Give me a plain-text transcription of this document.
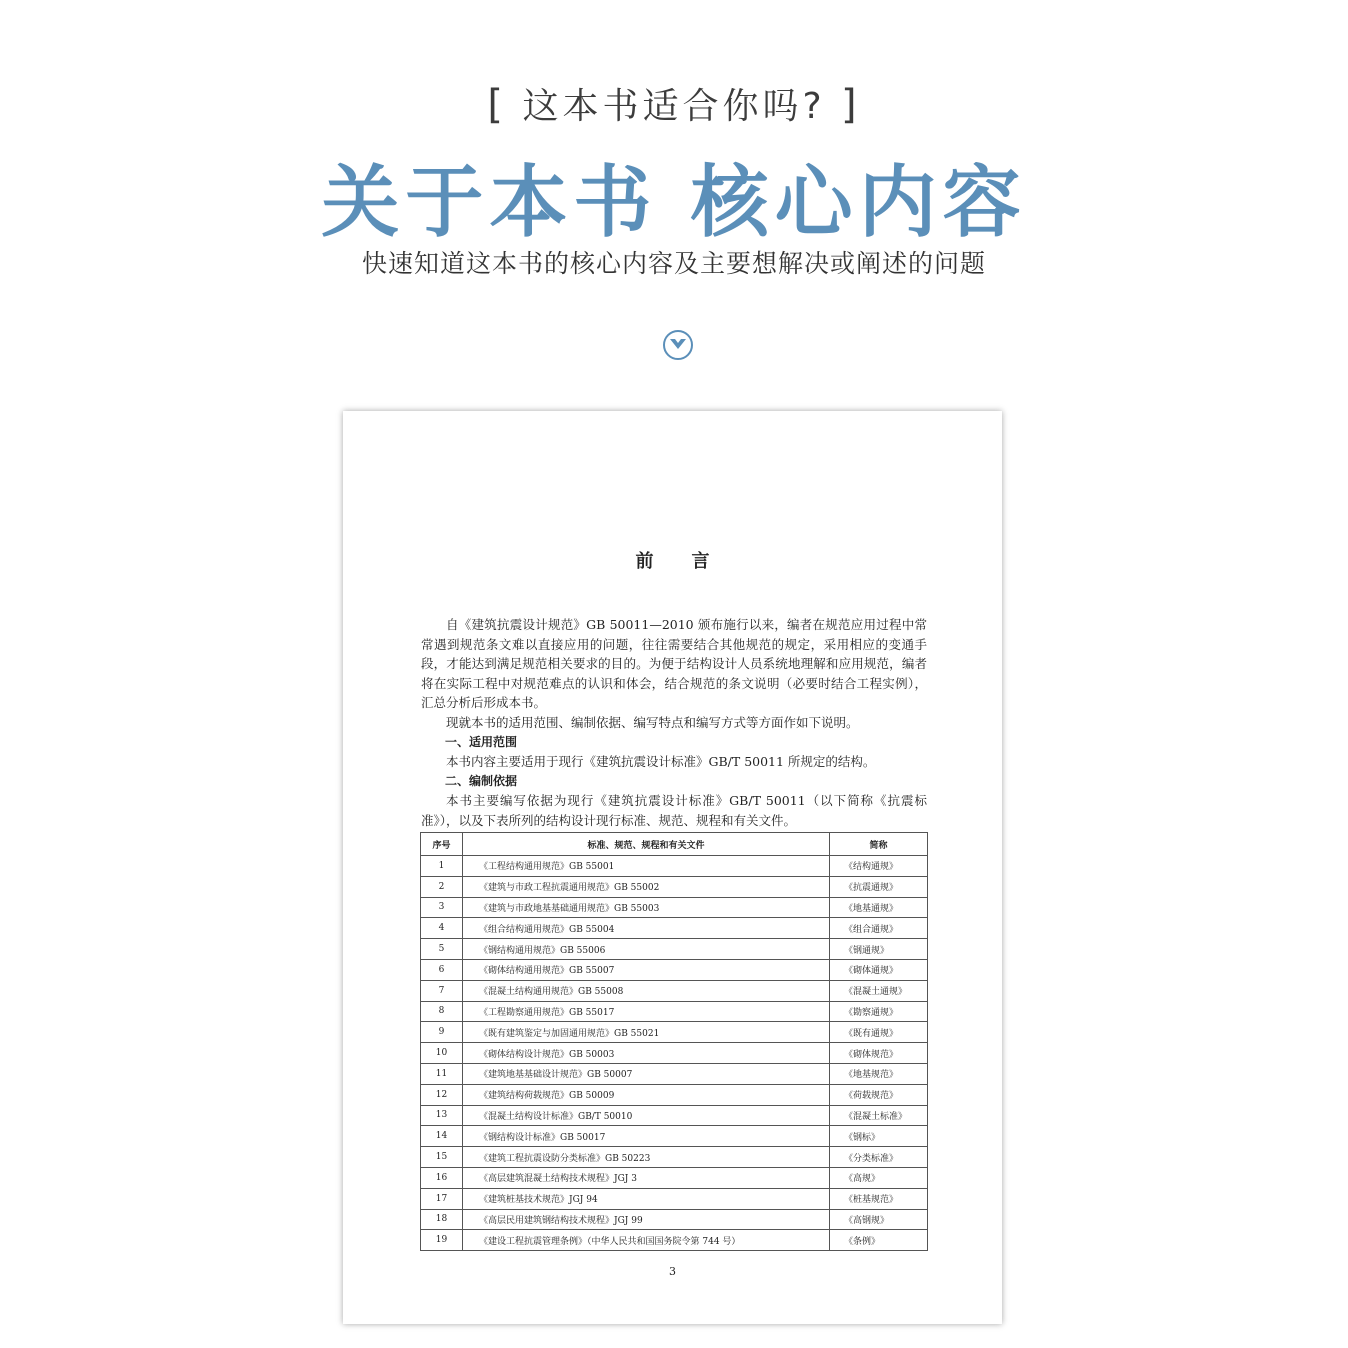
[ 这本书适合你吗? ]
关于本书 核心内容
快速知道这本书的核心内容及主要想解决或阐述的问题
前言

自《建筑抗震设计规范》GB 50011—2010 颁布施行以来，编者在规范应用过程中常常遇到规范条文难以直接应用的问题，往往需要结合其他规范的规定，采用相应的变通手段，才能达到满足规范相关要求的目的。为便于结构设计人员系统地理解和应用规范，编者将在实际工程中对规范难点的认识和体会，结合规范的条文说明（必要时结合工程实例），汇总分析后形成本书。

现就本书的适用范围、编制依据、编写特点和编写方式等方面作如下说明。

一、适用范围

本书内容主要适用于现行《建筑抗震设计标准》GB/T 50011 所规定的结构。

二、编制依据

本书主要编写依据为现行《建筑抗震设计标准》GB/T 50011（以下简称《抗震标准》），以及下表所列的结构设计现行标准、规范、规程和有关文件。

序号	标准、规范、规程和有关文件	简称
1	《工程结构通用规范》GB 55001	《结构通规》
2	《建筑与市政工程抗震通用规范》GB 55002	《抗震通规》
3	《建筑与市政地基基础通用规范》GB 55003	《地基通规》
4	《组合结构通用规范》GB 55004	《组合通规》
5	《钢结构通用规范》GB 55006	《钢通规》
6	《砌体结构通用规范》GB 55007	《砌体通规》
7	《混凝土结构通用规范》GB 55008	《混凝土通规》
8	《工程勘察通用规范》GB 55017	《勘察通规》
9	《既有建筑鉴定与加固通用规范》GB 55021	《既有通规》
10	《砌体结构设计规范》GB 50003	《砌体规范》
11	《建筑地基基础设计规范》GB 50007	《地基规范》
12	《建筑结构荷载规范》GB 50009	《荷载规范》
13	《混凝土结构设计标准》GB/T 50010	《混凝土标准》
14	《钢结构设计标准》GB 50017	《钢标》
15	《建筑工程抗震设防分类标准》GB 50223	《分类标准》
16	《高层建筑混凝土结构技术规程》JGJ 3	《高规》
17	《建筑桩基技术规范》JGJ 94	《桩基规范》
18	《高层民用建筑钢结构技术规程》JGJ 99	《高钢规》
19	《建设工程抗震管理条例》（中华人民共和国国务院令第 744 号）	《条例》
3
